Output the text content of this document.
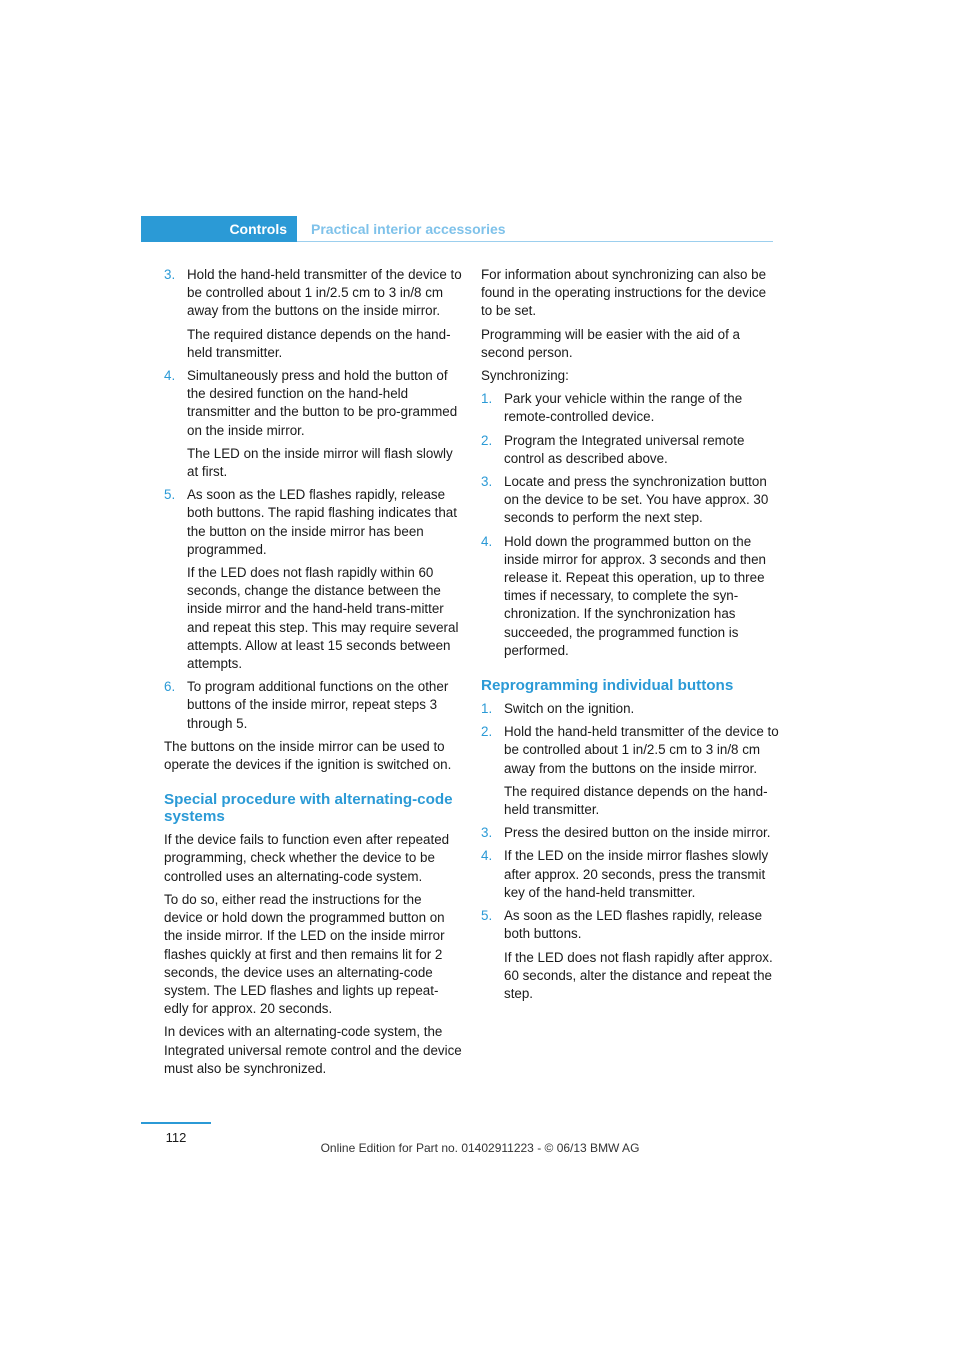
Controls Practical interior accessories
3. Hold the hand-held transmitter of the device to be controlled about 1 in/2.5 cm to 3 in/8 cm away from the buttons on the inside mirror.

The required distance depends on the hand-held transmitter.

4. Simultaneously press and hold the button of the desired function on the hand-held transmitter and the button to be pro-grammed on the inside mirror.

The LED on the inside mirror will flash slowly at first.

5. As soon as the LED flashes rapidly, release both buttons. The rapid flashing indicates that the button on the inside mirror has been programmed.

If the LED does not flash rapidly within 60 seconds, change the distance between the inside mirror and the hand-held trans-mitter and repeat this step. This may require several attempts. Allow at least 15 seconds between attempts.

6. To program additional functions on the other buttons of the inside mirror, repeat steps 3 through 5.

The buttons on the inside mirror can be used to operate the devices if the ignition is switched on.

Special procedure with alternating-code systems

If the device fails to function even after repeated programming, check whether the device to be controlled uses an alternating-code system.

To do so, either read the instructions for the device or hold down the programmed button on the inside mirror. If the LED on the inside mirror flashes quickly at first and then remains lit for 2 seconds, the device uses an alternating-code system. The LED flashes and lights up repeat-edly for approx. 20 seconds.

In devices with an alternating-code system, the Integrated universal remote control and the device must also be synchronized.

For information about synchronizing can also be found in the operating instructions for the device to be set.

Programming will be easier with the aid of a second person.

Synchronizing:

1. Park your vehicle within the range of the remote-controlled device.

2. Program the Integrated universal remote control as described above.

3. Locate and press the synchronization button on the device to be set. You have approx. 30 seconds to perform the next step.

4. Hold down the programmed button on the inside mirror for approx. 3 seconds and then release it. Repeat this operation, up to three times if necessary, to complete the syn-chronization. If the synchronization has succeeded, the programmed function is performed.

Reprogramming individual buttons
1. Switch on the ignition.

2. Hold the hand-held transmitter of the device to be controlled about 1 in/2.5 cm to 3 in/8 cm away from the buttons on the inside mirror.

The required distance depends on the hand-held transmitter.

3. Press the desired button on the inside mirror.

4. If the LED on the inside mirror flashes slowly after approx. 20 seconds, press the transmit key of the hand-held transmitter.

5. As soon as the LED flashes rapidly, release both buttons.

If the LED does not flash rapidly after approx. 60 seconds, alter the distance and repeat the step.

112
Online Edition for Part no. 01402911223 - © 06/13 BMW AG
